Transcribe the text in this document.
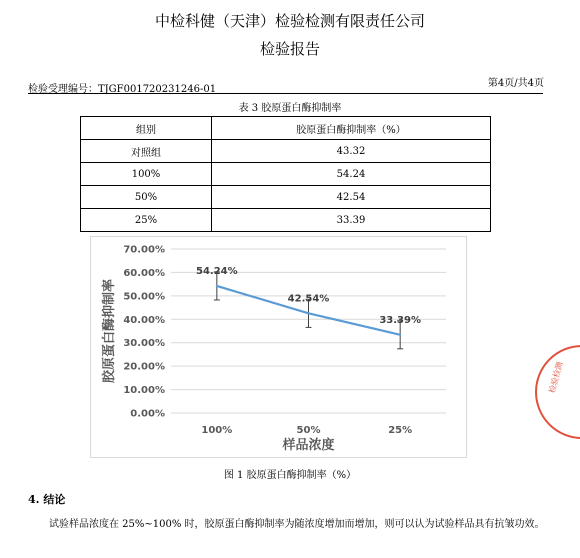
中检科健（天津）检验检测有限责任公司
检验报告
检验受理编号：TJGF001720231246-01
第4页/共4页
表 3 胶原蛋白酶抑制率
组别	胶原蛋白酶抑制率（%）
对照组	43.32
100%	54.24
50%	42.54
25%	33.39
0.00%
10.00%
20.00%
30.00%
40.00%
50.00%
60.00%
70.00%
100%	50%	25%
54.24%
42.54%
33.39%
胶原蛋白酶抑制率
样品浓度
图 1 胶原蛋白酶抑制率（%）
4. 结论
试验样品浓度在 25%~100% 时，胶原蛋白酶抑制率为随浓度增加而增加，则可以认为试验样品具有抗皱功效。
检验检测
